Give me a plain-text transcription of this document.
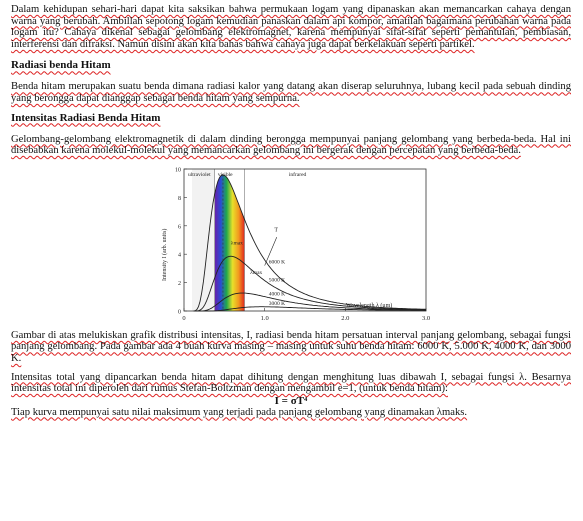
Dalam kehidupan sehari-hari dapat kita saksikan bahwa permukaan logam yang dipanaskan akan memancarkan cahaya dengan warna yang berubah. Ambillah sepotong logam kemudian panaskan dalam api kompor, amatilah bagaimana perubahan warna pada logam itu? Cahaya dikenal sebagai gelombang elektromagnet, karena mempunyai sifat-sifat seperti pemantulan, pembiasan, interferensi dan difraksi. Namun disini akan kita bahas bahwa cahaya juga dapat berkelakuan seperti partikel.

Radiasi benda Hitam

Benda hitam merupakan suatu benda dimana radiasi kalor yang datang akan diserap seluruhnya, lubang kecil pada sebuah dinding yang berongga dapat dianggap sebagai benda hitam yang sempurna.

Intensitas Radiasi Benda Hitam

Gelombang-gelombang elektromagnetik di dalam dinding berongga mempunyai panjang gelombang yang berbeda-beda. Hal ini disebabkan karena molekul-molekul yang memancarkan gelombang ini bergerak dengan percepatan yang berbeda-beda.

10
8
6
4
2
0
0	1.0	2.0	3.0
Wavelength λ (μm)
Intensity I (arb. units)	6000 K
5000 K
4000 K
3000 K
ultraviolet visible	infrared
T
λmax
λmax

Gambar di atas melukiskan grafik distribusi intensitas, I, radiasi benda hitam persatuan interval panjang gelombang, sebagai fungsi panjang gelombang. Pada gambar ada 4 buah kurva masing – masing untuk suhu benda hitam: 6000 K, 5.000 K, 4000 K, dan 3000 K.

Intensitas total yang dipancarkan benda hitam dapat dihitung dengan menghitung luas dibawah I, sebagai fungsi λ. Besarnya intensitas total ini diperoleh dari rumus Stefan-Boltzman dengan mengambil e=1, (untuk benda hitam):

I = σT⁴

Tiap kurva mempunyai satu nilai maksimum yang terjadi pada panjang gelombang yang dinamakan λmaks.
